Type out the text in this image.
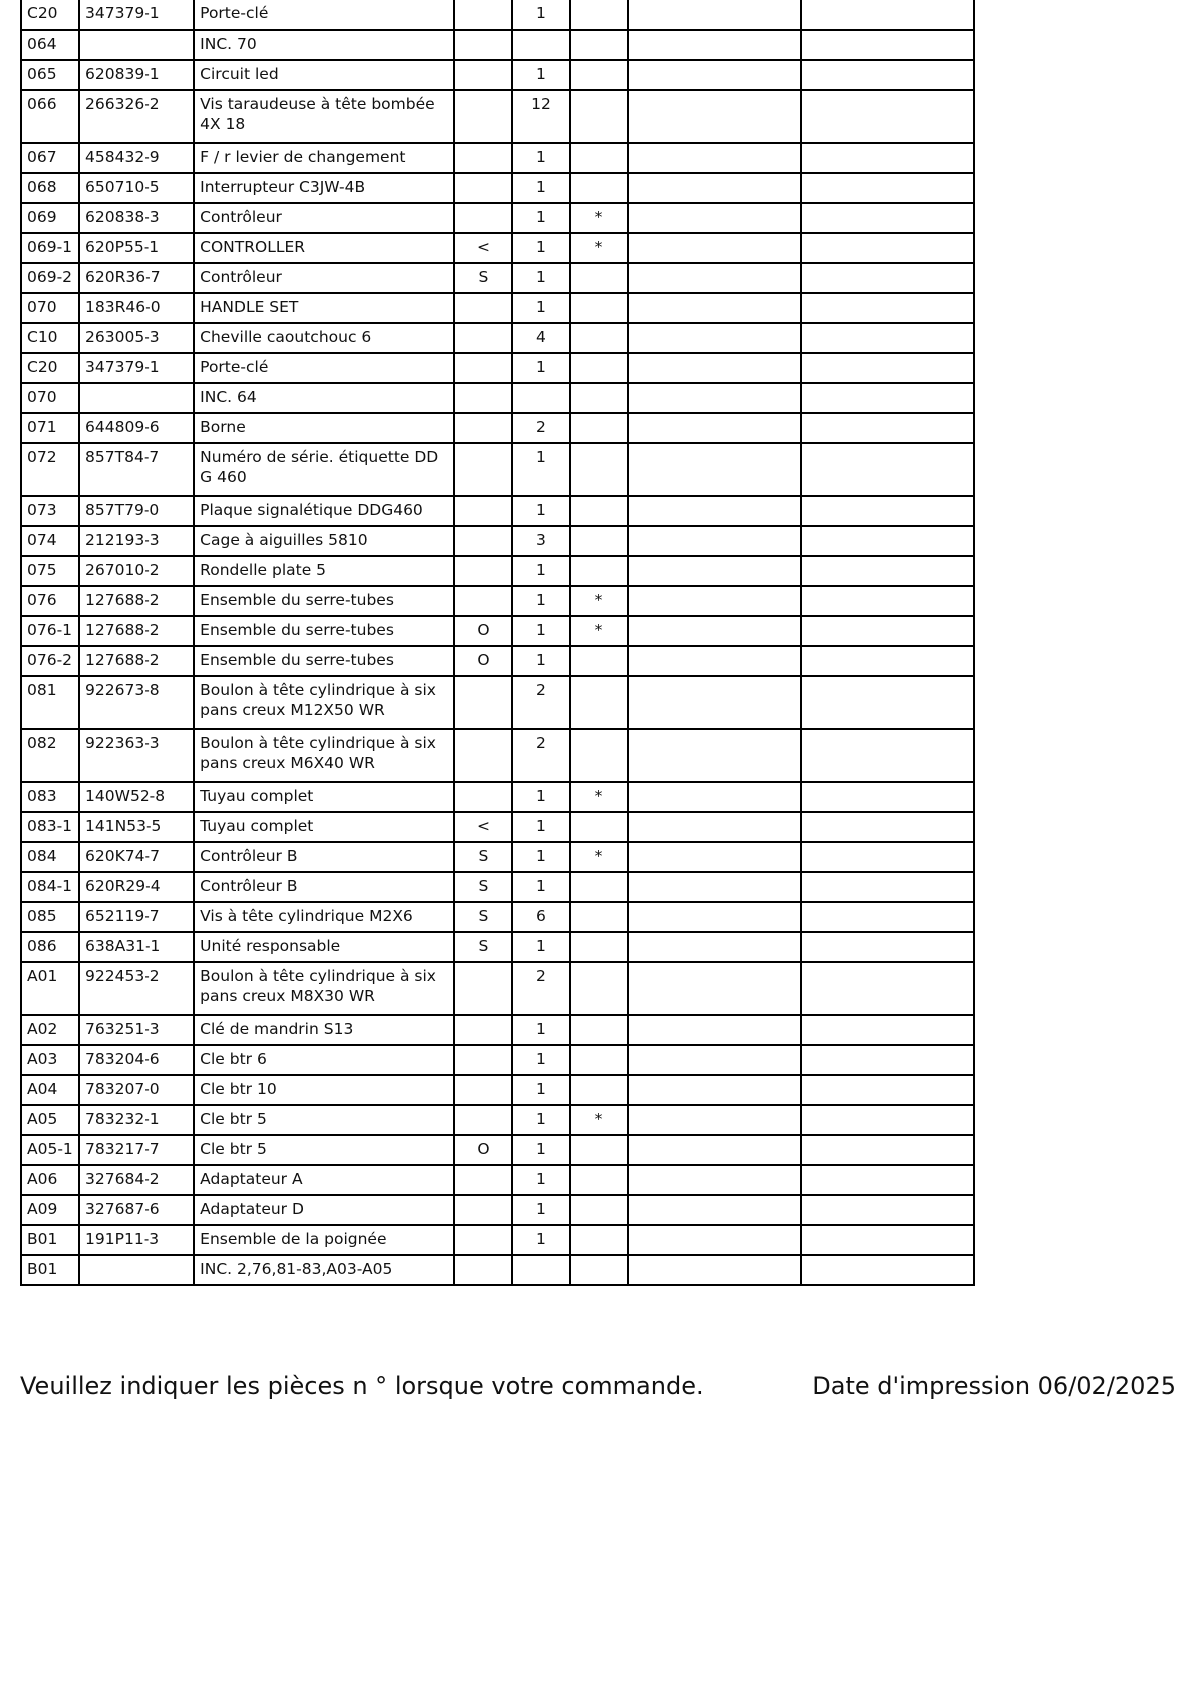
C20	347379-1	Porte-clé		1			
064		INC. 70					
065	620839-1	Circuit led		1			
066	266326-2	Vis taraudeuse à tête bombée 4X 18		12			
067	458432-9	F / r levier de changement		1			
068	650710-5	Interrupteur C3JW-4B		1			
069	620838-3	Contrôleur		1	*		
069-1	620P55-1	CONTROLLER	<	1	*		
069-2	620R36-7	Contrôleur	S	1			
070	183R46-0	HANDLE SET		1			
C10	263005-3	Cheville caoutchouc 6		4			
C20	347379-1	Porte-clé		1			
070		INC. 64					
071	644809-6	Borne		2			
072	857T84-7	Numéro de série. étiquette DDG 460		1			
073	857T79-0	Plaque signalétique DDG460		1			
074	212193-3	Cage à aiguilles 5810		3			
075	267010-2	Rondelle plate 5		1			
076	127688-2	Ensemble du serre-tubes		1	*		
076-1	127688-2	Ensemble du serre-tubes	O	1	*		
076-2	127688-2	Ensemble du serre-tubes	O	1			
081	922673-8	Boulon à tête cylindrique à six pans creux M12X50 WR		2			
082	922363-3	Boulon à tête cylindrique à six pans creux M6X40 WR		2			
083	140W52-8	Tuyau complet		1	*		
083-1	141N53-5	Tuyau complet	<	1			
084	620K74-7	Contrôleur B	S	1	*		
084-1	620R29-4	Contrôleur B	S	1			
085	652119-7	Vis à tête cylindrique M2X6	S	6			
086	638A31-1	Unité responsable	S	1			
A01	922453-2	Boulon à tête cylindrique à six pans creux M8X30 WR		2			
A02	763251-3	Clé de mandrin S13		1			
A03	783204-6	Cle btr 6		1			
A04	783207-0	Cle btr 10		1			
A05	783232-1	Cle btr 5		1	*		
A05-1	783217-7	Cle btr 5	O	1			
A06	327684-2	Adaptateur A		1			
A09	327687-6	Adaptateur D		1			
B01	191P11-3	Ensemble de la poignée		1			
B01		INC. 2,76,81-83,A03-A05					
Veuillez indiquer les pièces n ° lorsque votre commande.	Date d'impression 06/02/2025
